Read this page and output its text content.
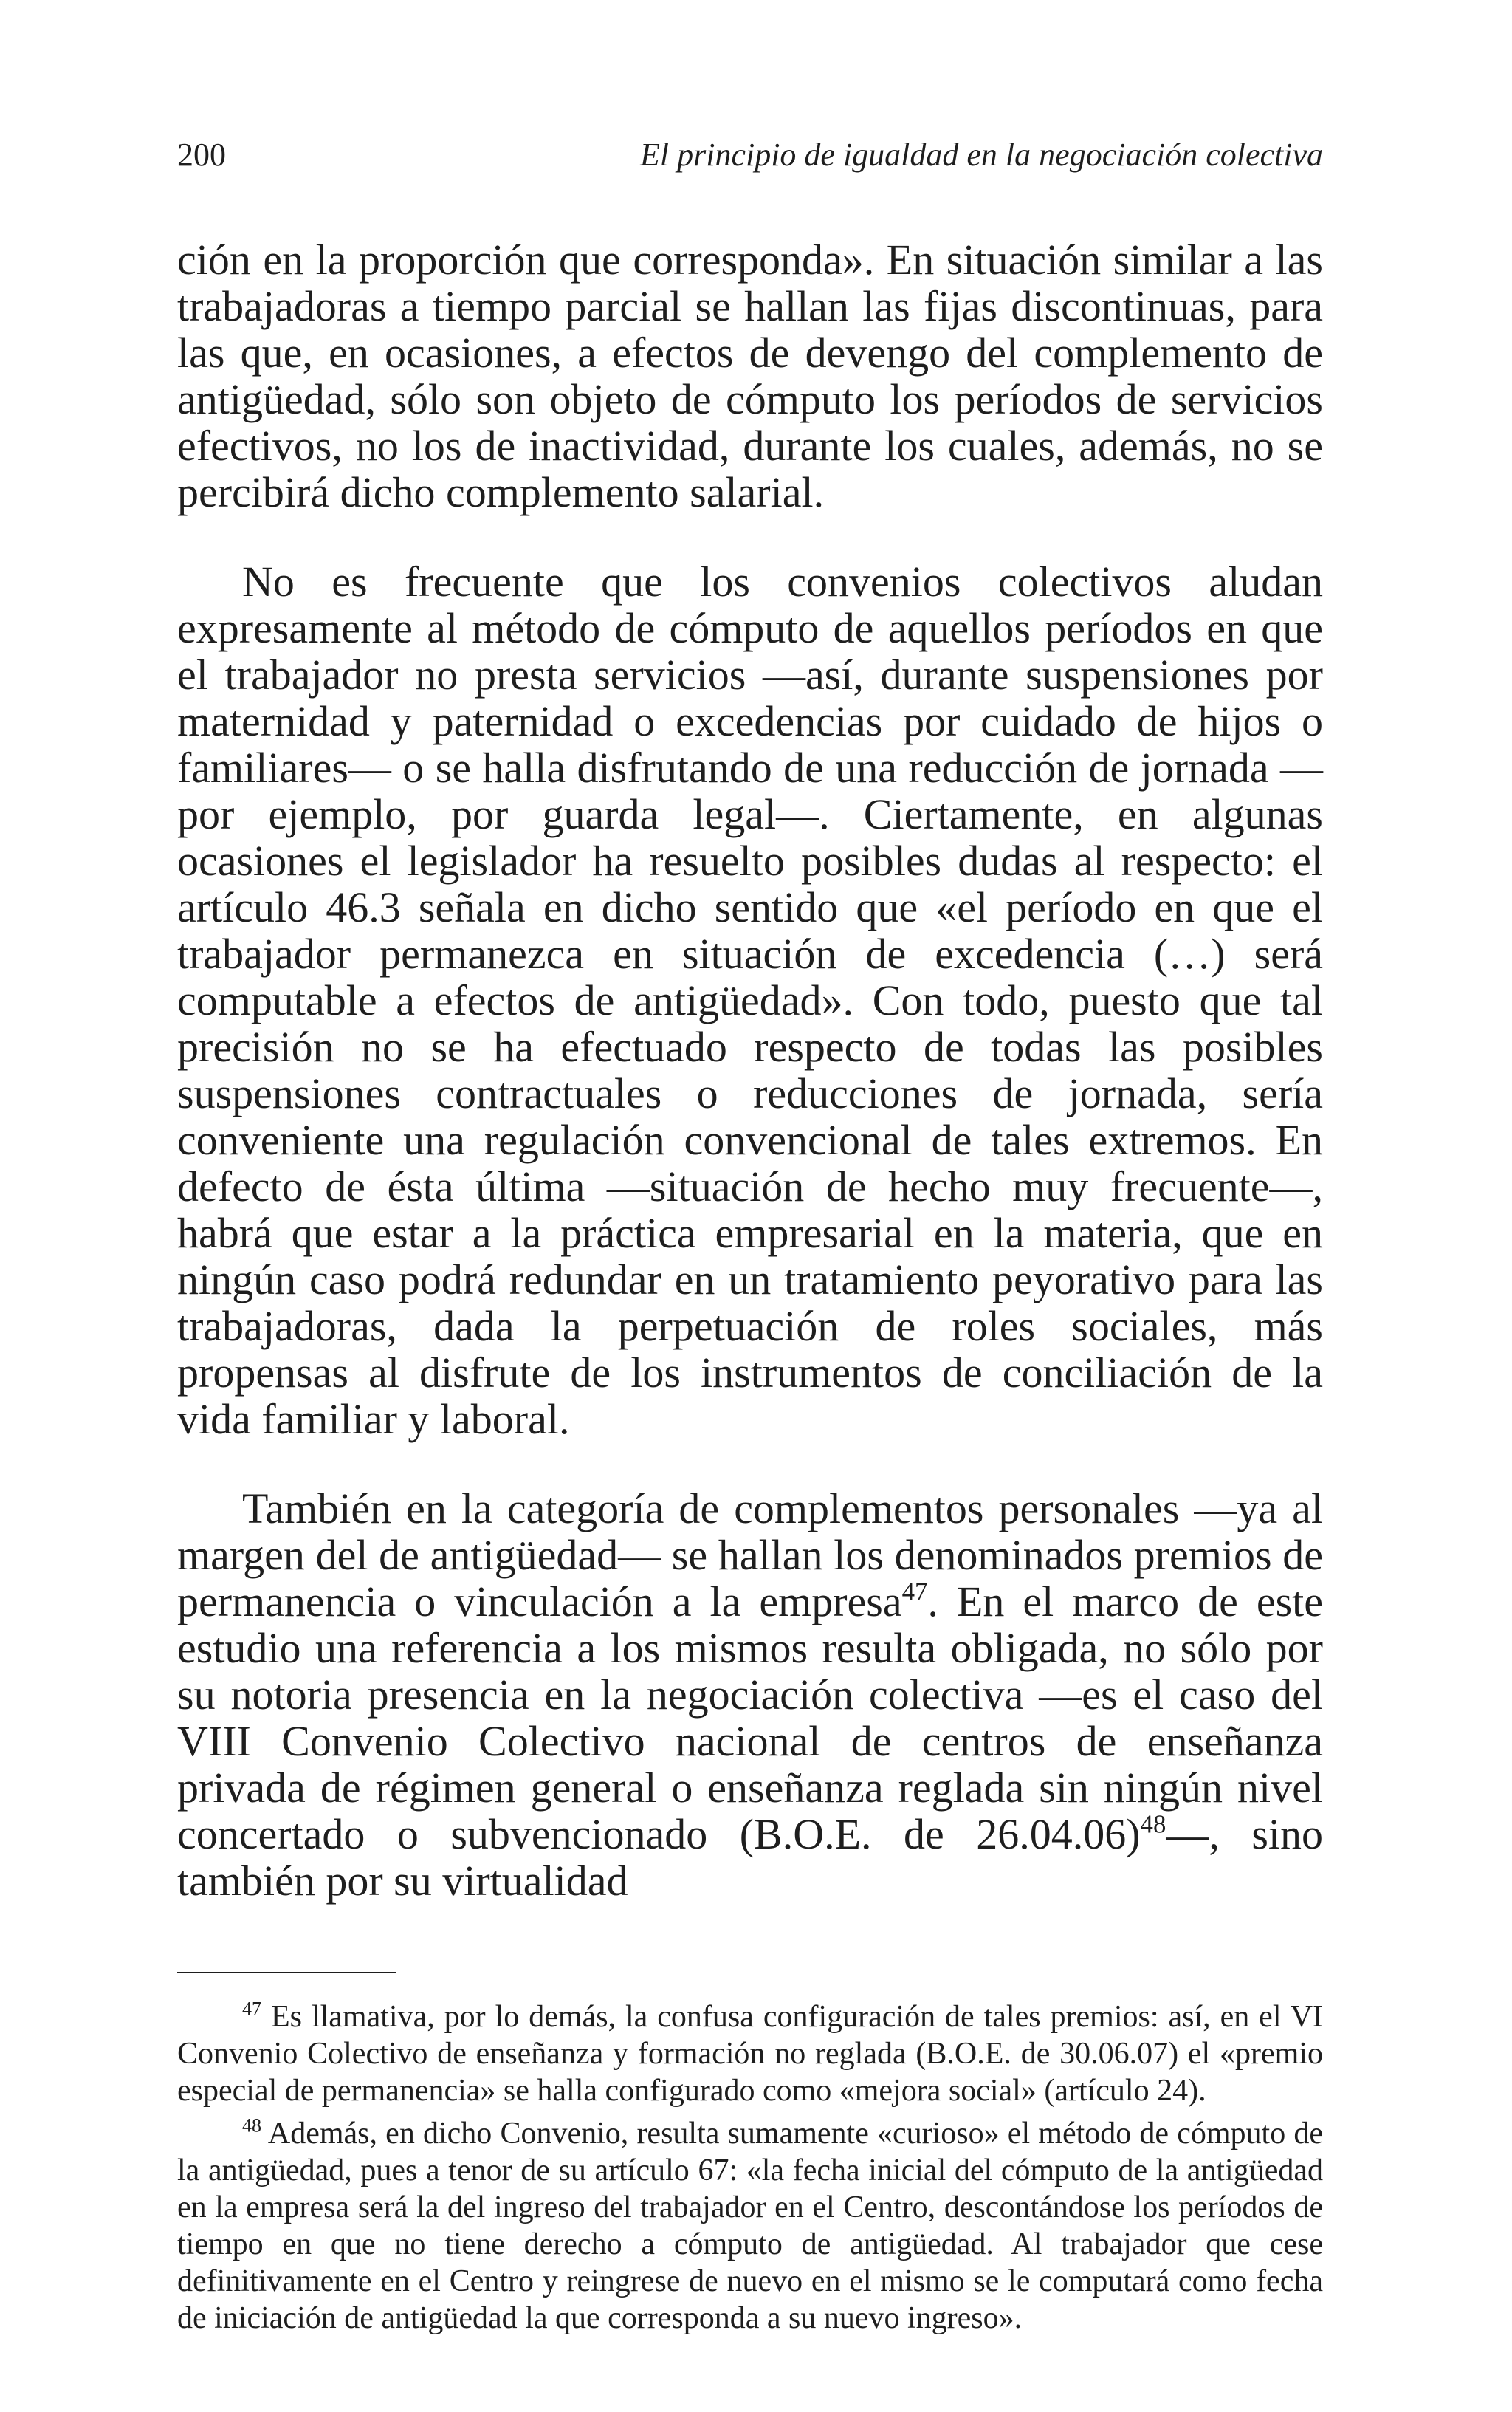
200	El principio de igualdad en la negociación colectiva

ción en la proporción que corresponda». En situación similar a las trabajadoras a tiempo parcial se hallan las fijas discontinuas, para las que, en ocasiones, a efectos de devengo del complemento de antigüedad, sólo son objeto de cómputo los períodos de servicios efectivos, no los de inactividad, durante los cuales, además, no se percibirá dicho complemento salarial.

No es frecuente que los convenios colectivos aludan expresamente al método de cómputo de aquellos períodos en que el trabajador no presta servicios —así, durante suspensiones por maternidad y paternidad o excedencias por cuidado de hijos o familiares— o se halla disfrutando de una reducción de jornada —por ejemplo, por guarda legal—. Ciertamente, en algunas ocasiones el legislador ha resuelto posibles dudas al respecto: el artículo 46.3 señala en dicho sentido que «el período en que el trabajador permanezca en situación de excedencia (…) será computable a efectos de antigüedad». Con todo, puesto que tal precisión no se ha efectuado respecto de todas las posibles suspensiones contractuales o reducciones de jornada, sería conveniente una regulación convencional de tales extremos. En defecto de ésta última —situación de hecho muy frecuente—, habrá que estar a la práctica empresarial en la materia, que en ningún caso podrá redundar en un tratamiento peyorativo para las trabajadoras, dada la perpetuación de roles sociales, más propensas al disfrute de los instrumentos de conciliación de la vida familiar y laboral.

También en la categoría de complementos personales —ya al margen del de antigüedad— se hallan los denominados premios de permanencia o vinculación a la empresa$^{47}$. En el marco de este estudio una referencia a los mismos resulta obligada, no sólo por su notoria presencia en la negociación colectiva —es el caso del VIII Convenio Colectivo nacional de centros de enseñanza privada de régimen general o enseñanza reglada sin ningún nivel concertado o subvencionado (B.O.E. de 26.04.06)$^{48}$—, sino también por su virtualidad

$^{47}$ Es llamativa, por lo demás, la confusa configuración de tales premios: así, en el VI Convenio Colectivo de enseñanza y formación no reglada (B.O.E. de 30.06.07) el «premio especial de permanencia» se halla configurado como «mejora social» (artículo 24).

$^{48}$ Además, en dicho Convenio, resulta sumamente «curioso» el método de cómputo de la antigüedad, pues a tenor de su artículo 67: «la fecha inicial del cómputo de la antigüedad en la empresa será la del ingreso del trabajador en el Centro, descontándose los períodos de tiempo en que no tiene derecho a cómputo de antigüedad. Al trabajador que cese definitivamente en el Centro y reingrese de nuevo en el mismo se le computará como fecha de iniciación de antigüedad la que corresponda a su nuevo ingreso».
